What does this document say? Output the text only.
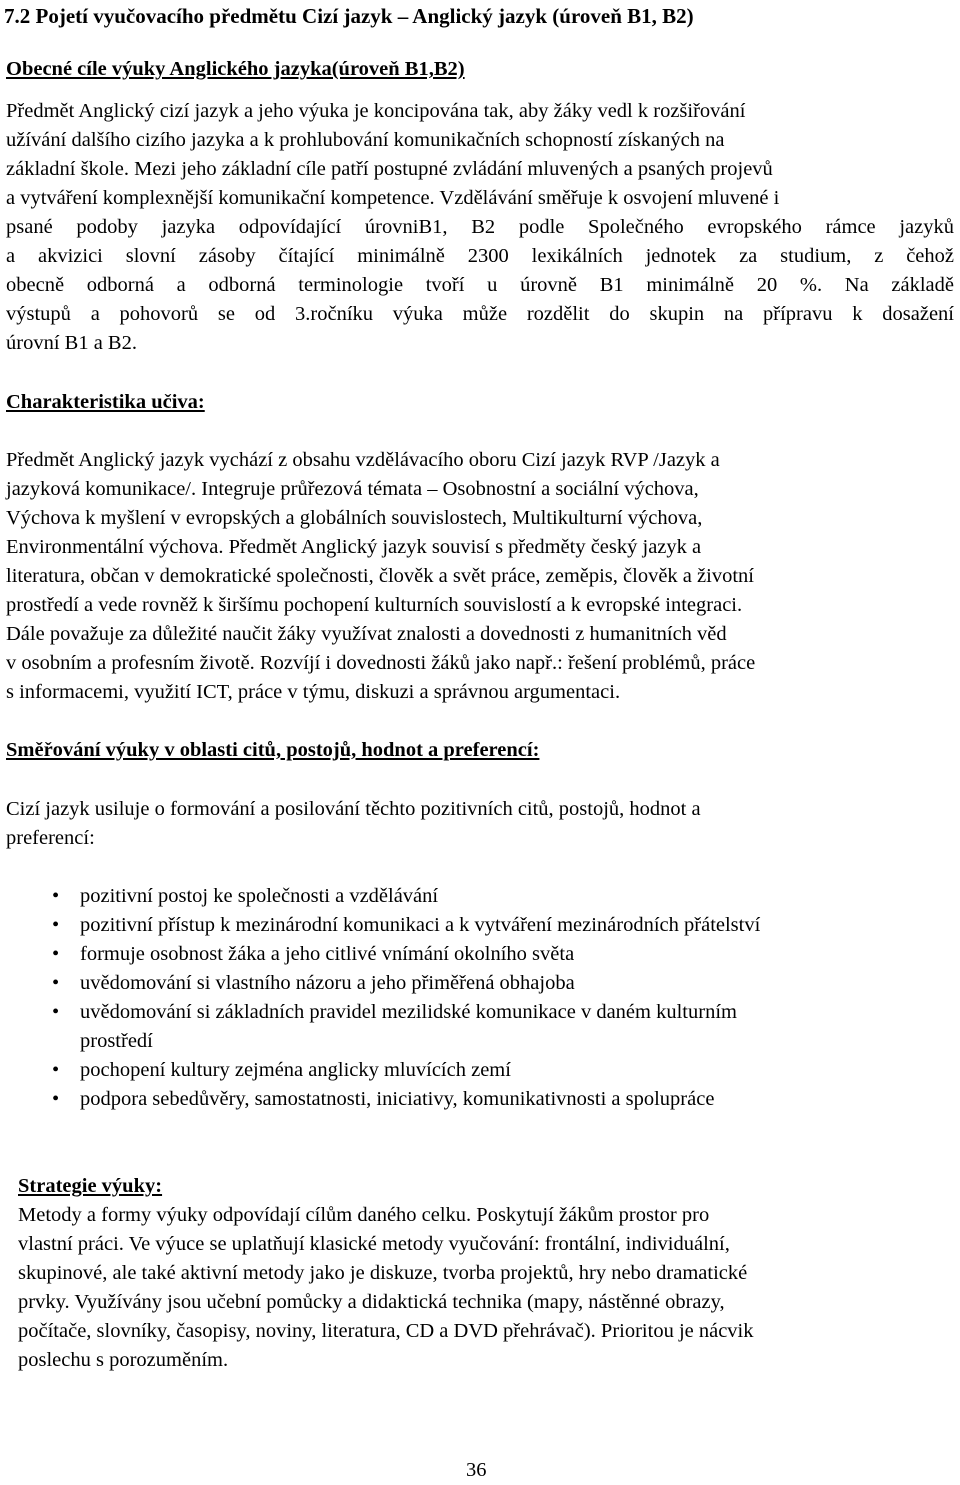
7.2 Pojetí vyučovacího předmětu Cizí jazyk – Anglický jazyk (úroveň B1, B2)
Obecné cíle výuky Anglického jazyka(úroveň B1,B2)
Předmět Anglický cizí jazyk a jeho výuka je koncipována tak, aby žáky vedl k rozšiřování
užívání dalšího cizího jazyka a k prohlubování komunikačních schopností získaných na
základní škole. Mezi jeho základní cíle patří postupné zvládání mluvených a psaných projevů
a vytváření komplexnější komunikační kompetence. Vzdělávání směřuje k osvojení mluvené i
psané podoby jazyka odpovídající úrovniB1, B2 podle Společného evropského rámce jazyků
a akvizici slovní zásoby čítající minimálně 2300 lexikálních jednotek za studium, z čehož
obecně odborná a odborná terminologie tvoří u úrovně B1 minimálně 20 %. Na základě
výstupů a pohovorů se od 3.ročníku výuka může rozdělit do skupin na přípravu k dosažení
úrovní B1 a B2.
Charakteristika učiva:
Předmět Anglický jazyk vychází z obsahu vzdělávacího oboru Cizí jazyk RVP /Jazyk a
jazyková komunikace/. Integruje průřezová témata – Osobnostní a sociální výchova,
Výchova k myšlení v evropských a globálních souvislostech, Multikulturní výchova,
Environmentální výchova. Předmět Anglický jazyk souvisí s předměty český jazyk a
literatura, občan v demokratické společnosti, člověk a svět práce, zeměpis, člověk a životní
prostředí a vede rovněž k širšímu pochopení kulturních souvislostí a k evropské integraci.
Dále považuje za důležité naučit žáky využívat znalosti a dovednosti z humanitních věd
v osobním a profesním životě. Rozvíjí i dovednosti žáků jako např.: řešení problémů, práce
s informacemi, využití ICT, práce v týmu, diskuzi a správnou argumentaci.
Směřování výuky v oblasti citů, postojů, hodnot a preferencí:
Cizí jazyk usiluje o formování a posilování těchto pozitivních citů, postojů, hodnot a
preferencí:
• pozitivní postoj ke společnosti a vzdělávání
• pozitivní přístup k mezinárodní komunikaci a k vytváření mezinárodních přátelství
• formuje osobnost žáka a jeho citlivé vnímání okolního světa
• uvědomování si vlastního názoru a jeho přiměřená obhajoba
• uvědomování si základních pravidel mezilidské komunikace v daném kulturním
prostředí
• pochopení kultury zejména anglicky mluvících zemí
• podpora sebedůvěry, samostatnosti, iniciativy, komunikativnosti a spolupráce
Strategie výuky:
Metody a formy výuky odpovídají cílům daného celku. Poskytují žákům prostor pro
vlastní práci. Ve výuce se uplatňují klasické metody vyučování: frontální, individuální,
skupinové, ale také aktivní metody jako je diskuze, tvorba projektů, hry nebo dramatické
prvky. Využívány jsou učební pomůcky a didaktická technika (mapy, nástěnné obrazy,
počítače, slovníky, časopisy, noviny, literatura, CD a DVD přehrávač). Prioritou je nácvik
poslechu s porozuměním.
36
